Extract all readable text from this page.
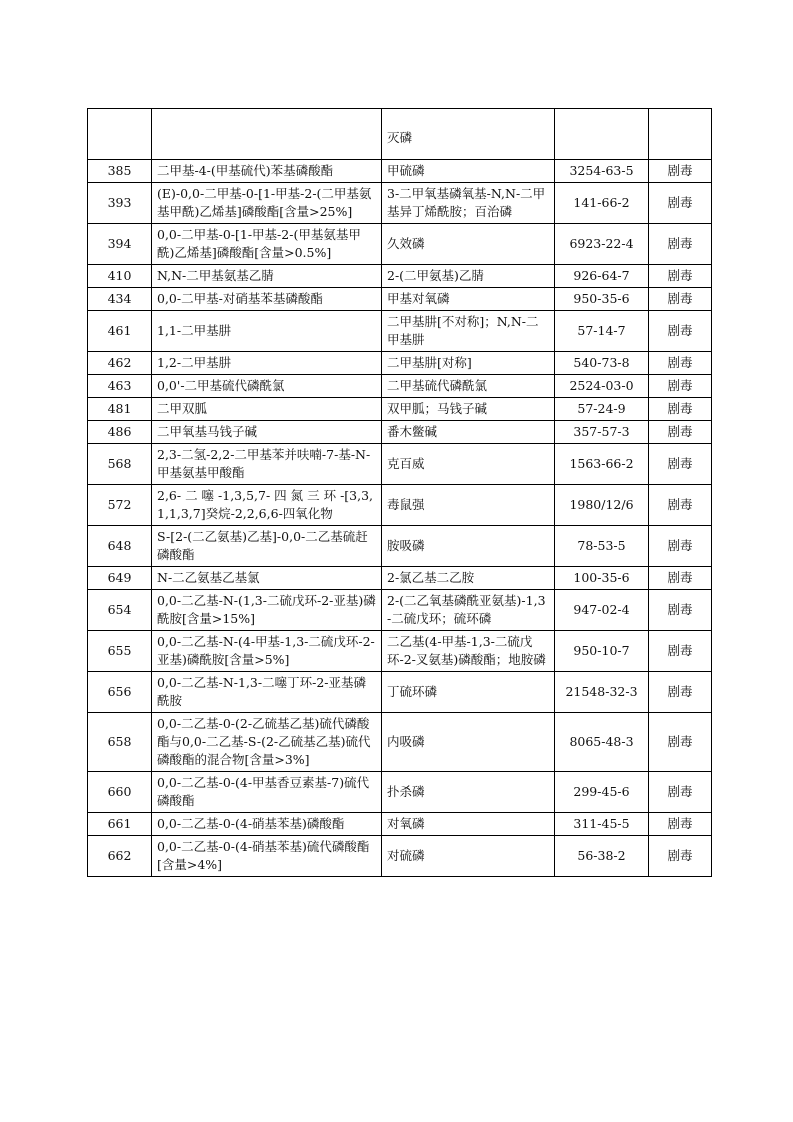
		灭磷		
385	二甲基-4-(甲基硫代)苯基磷酸酯	甲硫磷	3254-63-5	剧毒
393	(E)-0,0-二甲基-0-[1-甲基-2-(二甲基氨基甲酰)乙烯基]磷酸酯[含量>25%]	3-二甲氧基磷氧基-N,N-二甲基异丁烯酰胺；百治磷	141-66-2	剧毒
394	0,0-二甲基-0-[1-甲基-2-(甲基氨基甲酰)乙烯基]磷酸酯[含量>0.5%]	久效磷	6923-22-4	剧毒
410	N,N-二甲基氨基乙腈	2-(二甲氨基)乙腈	926-64-7	剧毒
434	0,0-二甲基-对硝基苯基磷酸酯	甲基对氧磷	950-35-6	剧毒
461	1,1-二甲基肼	二甲基肼[不对称]；N,N-二甲基肼	57-14-7	剧毒
462	1,2-二甲基肼	二甲基肼[对称]	540-73-8	剧毒
463	0,0'-二甲基硫代磷酰氯	二甲基硫代磷酰氯	2524-03-0	剧毒
481	二甲双胍	双甲胍；马钱子碱	57-24-9	剧毒
486	二甲氧基马钱子碱	番木鳖碱	357-57-3	剧毒
568	2,3-二氢-2,2-二甲基苯并呋喃-7-基-N-甲基氨基甲酸酯	克百威	1563-66-2	剧毒
572	2,6- 二 噻 -1,3,5,7- 四 氮 三 环 -[3,3,1,1,3,7]癸烷-2,2,6,6-四氧化物	毒鼠强	1980/12/6	剧毒
648	S-[2-(二乙氨基)乙基]-0,0-二乙基硫赶磷酸酯	胺吸磷	78-53-5	剧毒
649	N-二乙氨基乙基氯	2-氯乙基二乙胺	100-35-6	剧毒
654	0,0-二乙基-N-(1,3-二硫戊环-2-亚基)磷酰胺[含量>15%]	2-(二乙氧基磷酰亚氨基)-1,3-二硫戊环；硫环磷	947-02-4	剧毒
655	0,0-二乙基-N-(4-甲基-1,3-二硫戊环-2-亚基)磷酰胺[含量>5%]	二乙基(4-甲基-1,3-二硫戊环-2-叉氨基)磷酸酯；地胺磷	950-10-7	剧毒
656	0,0-二乙基-N-1,3-二噻丁环-2-亚基磷酰胺	丁硫环磷	21548-32-3	剧毒
658	0,0-二乙基-0-(2-乙硫基乙基)硫代磷酸酯与0,0-二乙基-S-(2-乙硫基乙基)硫代磷酸酯的混合物[含量>3%]	内吸磷	8065-48-3	剧毒
660	0,0-二乙基-0-(4-甲基香豆素基-7)硫代磷酸酯	扑杀磷	299-45-6	剧毒
661	0,0-二乙基-0-(4-硝基苯基)磷酸酯	对氧磷	311-45-5	剧毒
662	0,0-二乙基-0-(4-硝基苯基)硫代磷酸酯[含量>4%]	对硫磷	56-38-2	剧毒
